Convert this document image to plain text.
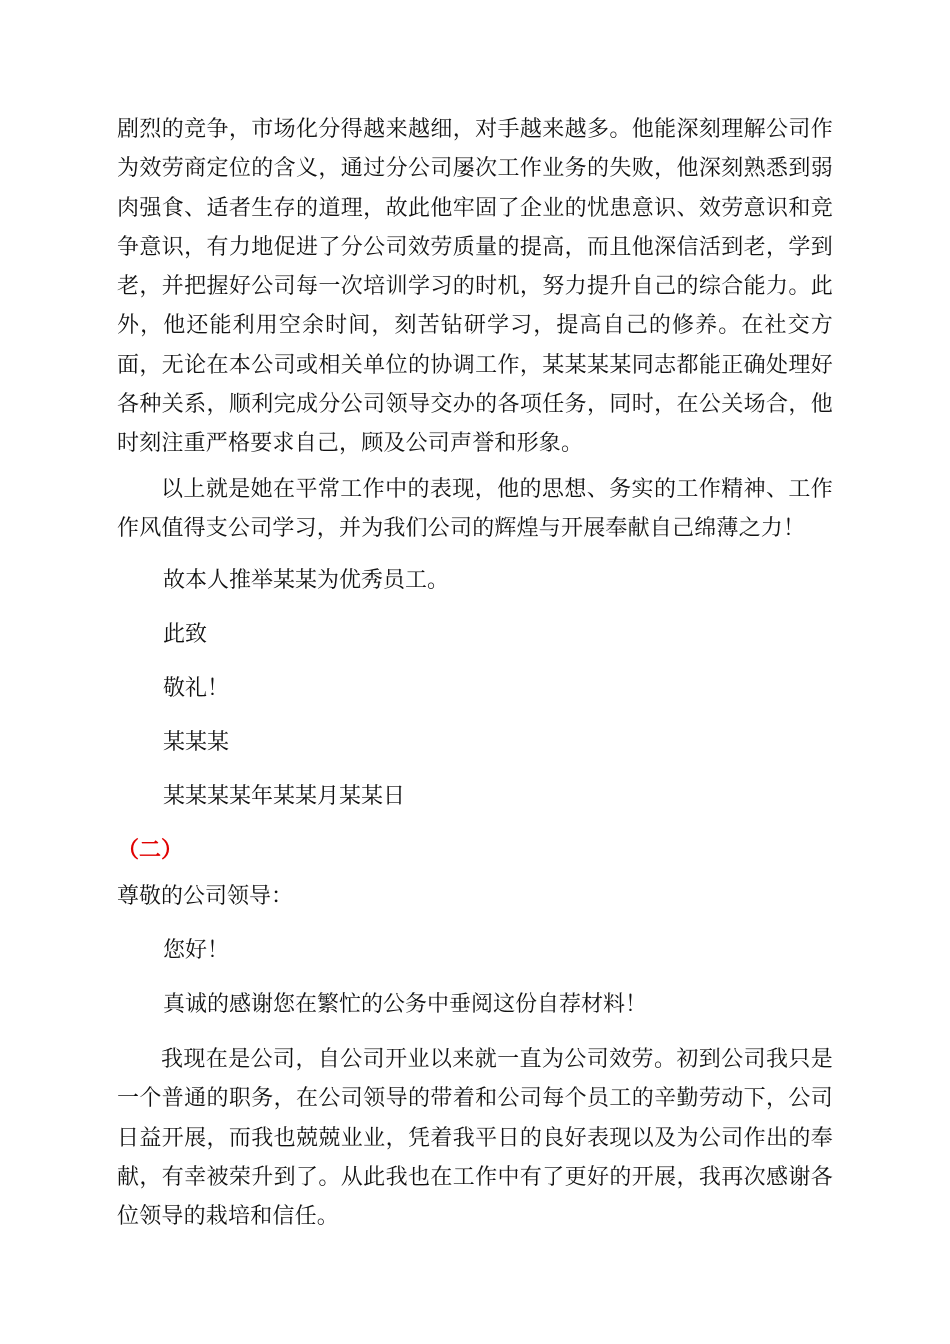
剧烈的竞争，市场化分得越来越细，对手越来越多。他能深刻理解公司作为效劳商定位的含义，通过分公司屡次工作业务的失败，他深刻熟悉到弱肉强食、适者生存的道理，故此他牢固了企业的忧患意识、效劳意识和竞争意识，有力地促进了分公司效劳质量的提高，而且他深信活到老，学到老，并把握好公司每一次培训学习的时机，努力提升自己的综合能力。此外，他还能利用空余时间，刻苦钻研学习，提高自己的修养。在社交方面，无论在本公司或相关单位的协调工作，某某某某同志都能正确处理好各种关系，顺利完成分公司领导交办的各项任务，同时，在公关场合，他时刻注重严格要求自己，顾及公司声誉和形象。

以上就是她在平常工作中的表现，他的思想、务实的工作精神、工作作风值得支公司学习，并为我们公司的辉煌与开展奉献自己绵薄之力！

故本人推举某某为优秀员工。

此致

敬礼！

某某某

某某某某年某某月某某日

（二）

尊敬的公司领导：

您好！

真诚的感谢您在繁忙的公务中垂阅这份自荐材料！

我现在是公司，自公司开业以来就一直为公司效劳。初到公司我只是一个普通的职务，在公司领导的带着和公司每个员工的辛勤劳动下，公司日益开展，而我也兢兢业业，凭着我平日的良好表现以及为公司作出的奉献，有幸被荣升到了。从此我也在工作中有了更好的开展，我再次感谢各位领导的栽培和信任。
